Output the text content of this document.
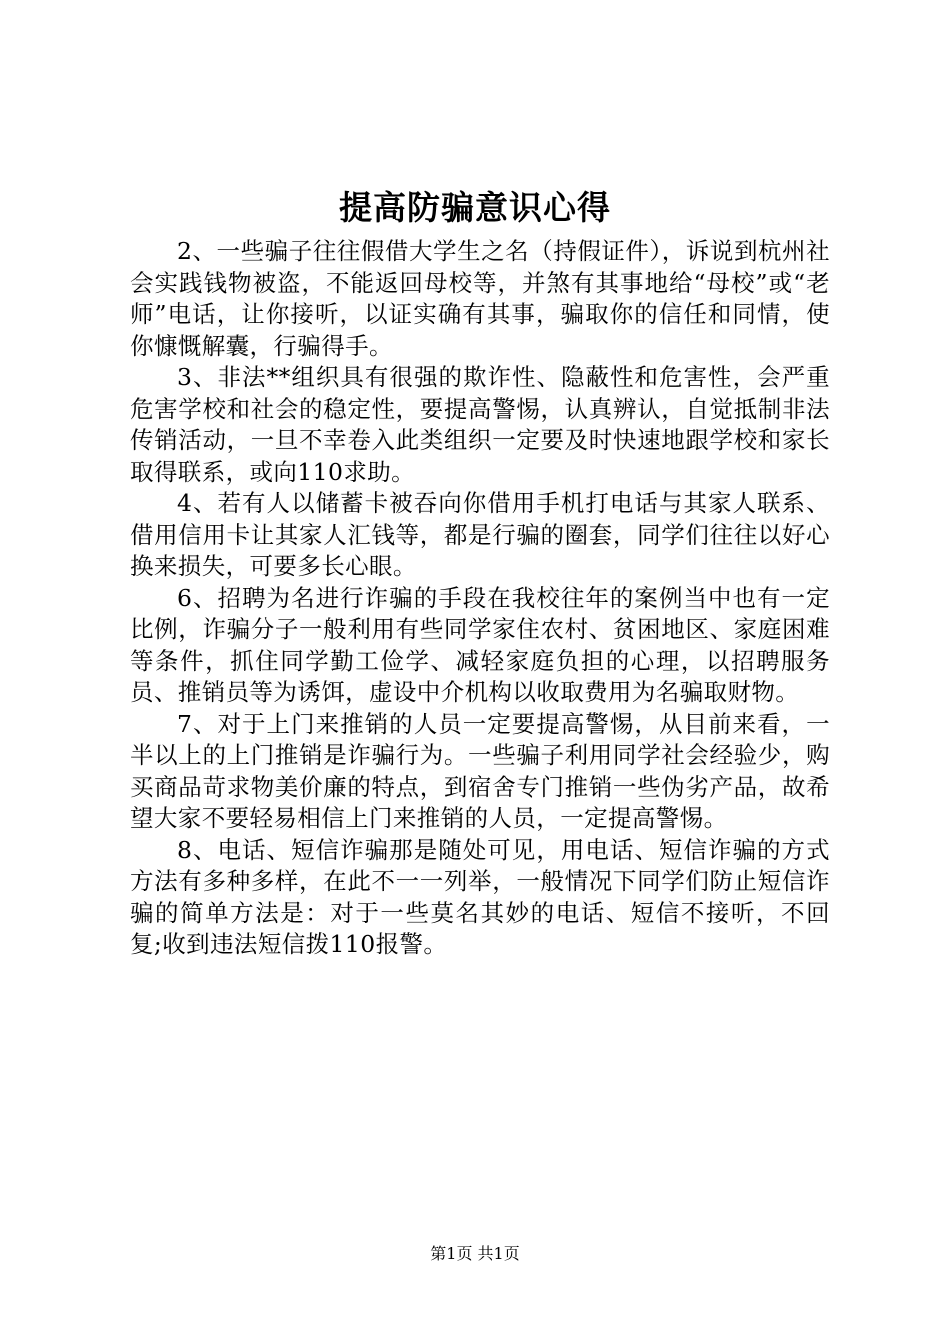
提高防骗意识心得

2、一些骗子往往假借大学生之名（持假证件），诉说到杭州社会实践钱物被盗，不能返回母校等，并煞有其事地给“母校”或“老师”电话，让你接听，以证实确有其事，骗取你的信任和同情，使你慷慨解囊，行骗得手。

3、非法**组织具有很强的欺诈性、隐蔽性和危害性，会严重危害学校和社会的稳定性，要提高警惕，认真辨认，自觉抵制非法传销活动，一旦不幸卷入此类组织一定要及时快速地跟学校和家长取得联系，或向110求助。

4、若有人以储蓄卡被吞向你借用手机打电话与其家人联系、借用信用卡让其家人汇钱等，都是行骗的圈套，同学们往往以好心换来损失，可要多长心眼。

6、招聘为名进行诈骗的手段在我校往年的案例当中也有一定比例，诈骗分子一般利用有些同学家住农村、贫困地区、家庭困难等条件，抓住同学勤工俭学、减轻家庭负担的心理，以招聘服务员、推销员等为诱饵，虚设中介机构以收取费用为名骗取财物。

7、对于上门来推销的人员一定要提高警惕，从目前来看，一半以上的上门推销是诈骗行为。一些骗子利用同学社会经验少，购买商品苛求物美价廉的特点，到宿舍专门推销一些伪劣产品，故希望大家不要轻易相信上门来推销的人员，一定提高警惕。

8、电话、短信诈骗那是随处可见，用电话、短信诈骗的方式方法有多种多样，在此不一一列举，一般情况下同学们防止短信诈骗的简单方法是：对于一些莫名其妙的电话、短信不接听，不回复;收到违法短信拨110报警。

第1页 共1页
